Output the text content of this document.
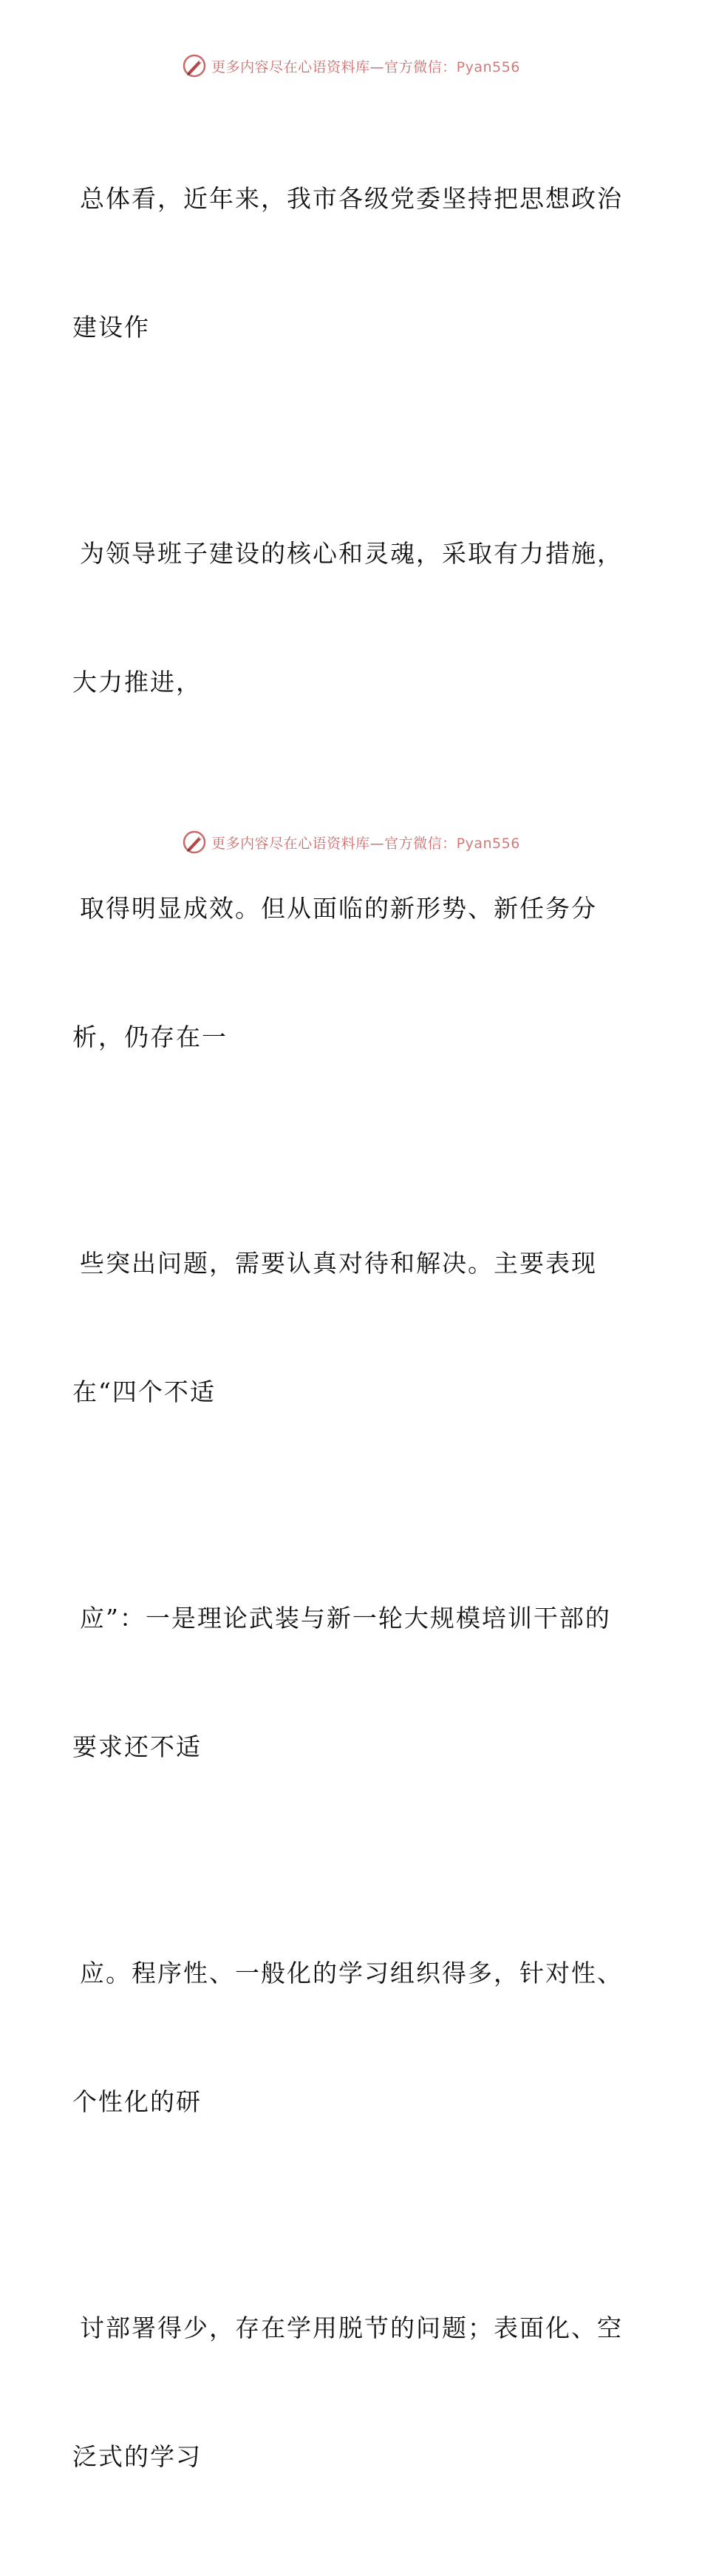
更多内容尽在心语资料库—官方微信：Pyan556

总体看，近年来，我市各级党委坚持把思想政治

建设作

为领导班子建设的核心和灵魂，采取有力措施，

大力推进，

取得明显成效。但从面临的新形势、新任务分

析，仍存在一

些突出问题，需要认真对待和解决。主要表现

在“四个不适

应”：一是理论武装与新一轮大规模培训干部的

要求还不适

应。程序性、一般化的学习组织得多，针对性、

个性化的研

讨部署得少，存在学用脱节的问题；表面化、空

泛式的学习

更多内容尽在心语资料库—官方微信：Pyan556
